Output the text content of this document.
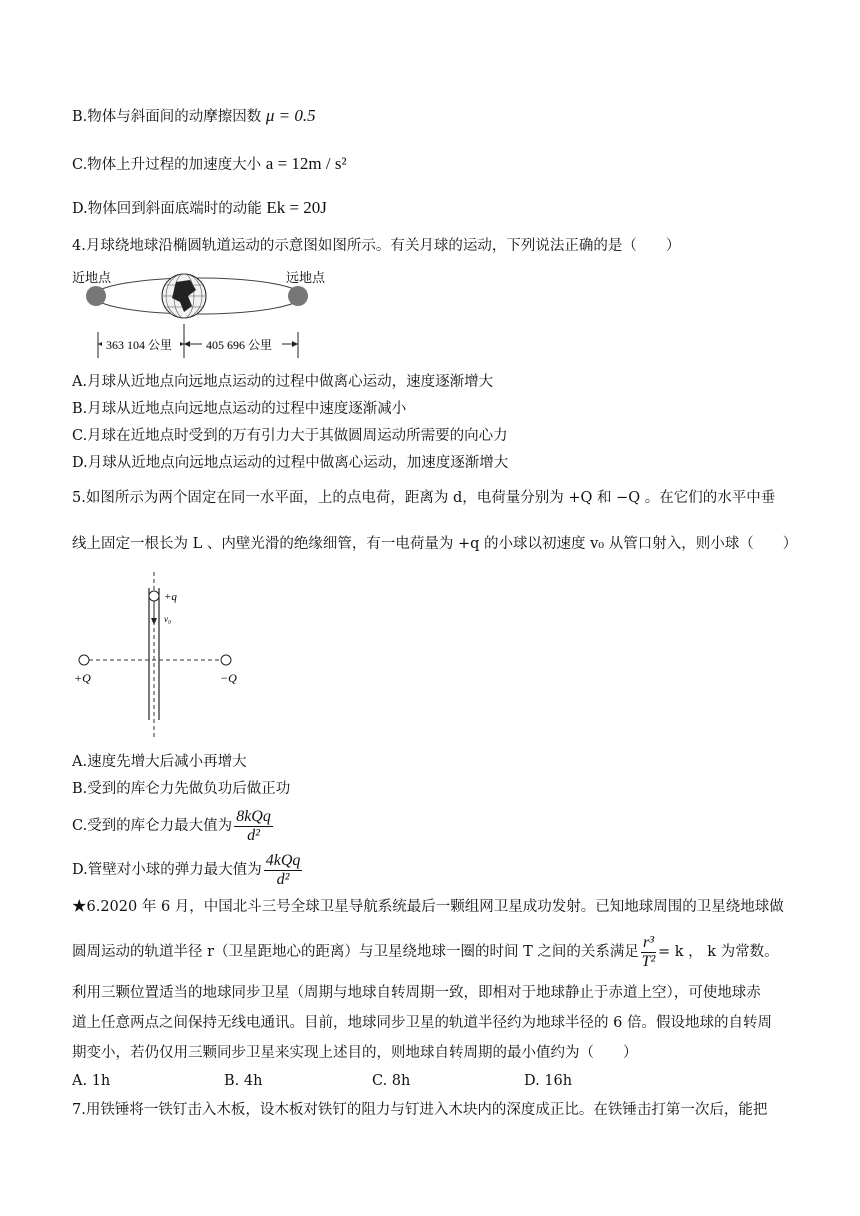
B.物体与斜面间的动摩擦因数 μ = 0.5
C.物体上升过程的加速度大小 a = 12m / s²
D.物体回到斜面底端时的动能 Ek = 20J
4.月球绕地球沿椭圆轨道运动的示意图如图所示。有关月球的运动，下列说法正确的是（　　）
近地点	远地点
363 104 公里	405 696 公里
A.月球从近地点向远地点运动的过程中做离心运动，速度逐渐增大
B.月球从近地点向远地点运动的过程中速度逐渐减小
C.月球在近地点时受到的万有引力大于其做圆周运动所需要的向心力
D.月球从近地点向远地点运动的过程中做离心运动，加速度逐渐增大
5.如图所示为两个固定在同一水平面，上的点电荷，距离为 d，电荷量分别为 +Q 和 −Q 。在它们的水平中垂
线上固定一根长为 L 、内壁光滑的绝缘细管，有一电荷量为 +q 的小球以初速度 v₀ 从管口射入，则小球（　　）
+q
v₀
+Q	−Q
A.速度先增大后减小再增大
B.受到的库仑力先做负功后做正功
C.受到的库仑力最大值为 $\frac{\text{8kQq}}{\text{d²}}$
D.管壁对小球的弹力最大值为 $\frac{\text{4kQq}}{\text{d²}}$
★6.2020 年 6 月，中国北斗三号全球卫星导航系统最后一颗组网卫星成功发射。已知地球周围的卫星绕地球做
圆周运动的轨道半径 r（卫星距地心的距离）与卫星绕地球一圈的时间 T 之间的关系满足 $\frac{\text{r³}}{\text{T²}} = k$ ， k 为常数。
利用三颗位置适当的地球同步卫星（周期与地球自转周期一致，即相对于地球静止于赤道上空），可使地球赤
道上任意两点之间保持无线电通讯。目前，地球同步卫星的轨道半径约为地球半径的 6 倍。假设地球的自转周
期变小，若仍仅用三颗同步卫星来实现上述目的，则地球自转周期的最小值约为（　　）
A. 1h	B. 4h	C. 8h	D. 16h
7.用铁锤将一铁钉击入木板，设木板对铁钉的阻力与钉进入木块内的深度成正比。在铁锤击打第一次后，能把
